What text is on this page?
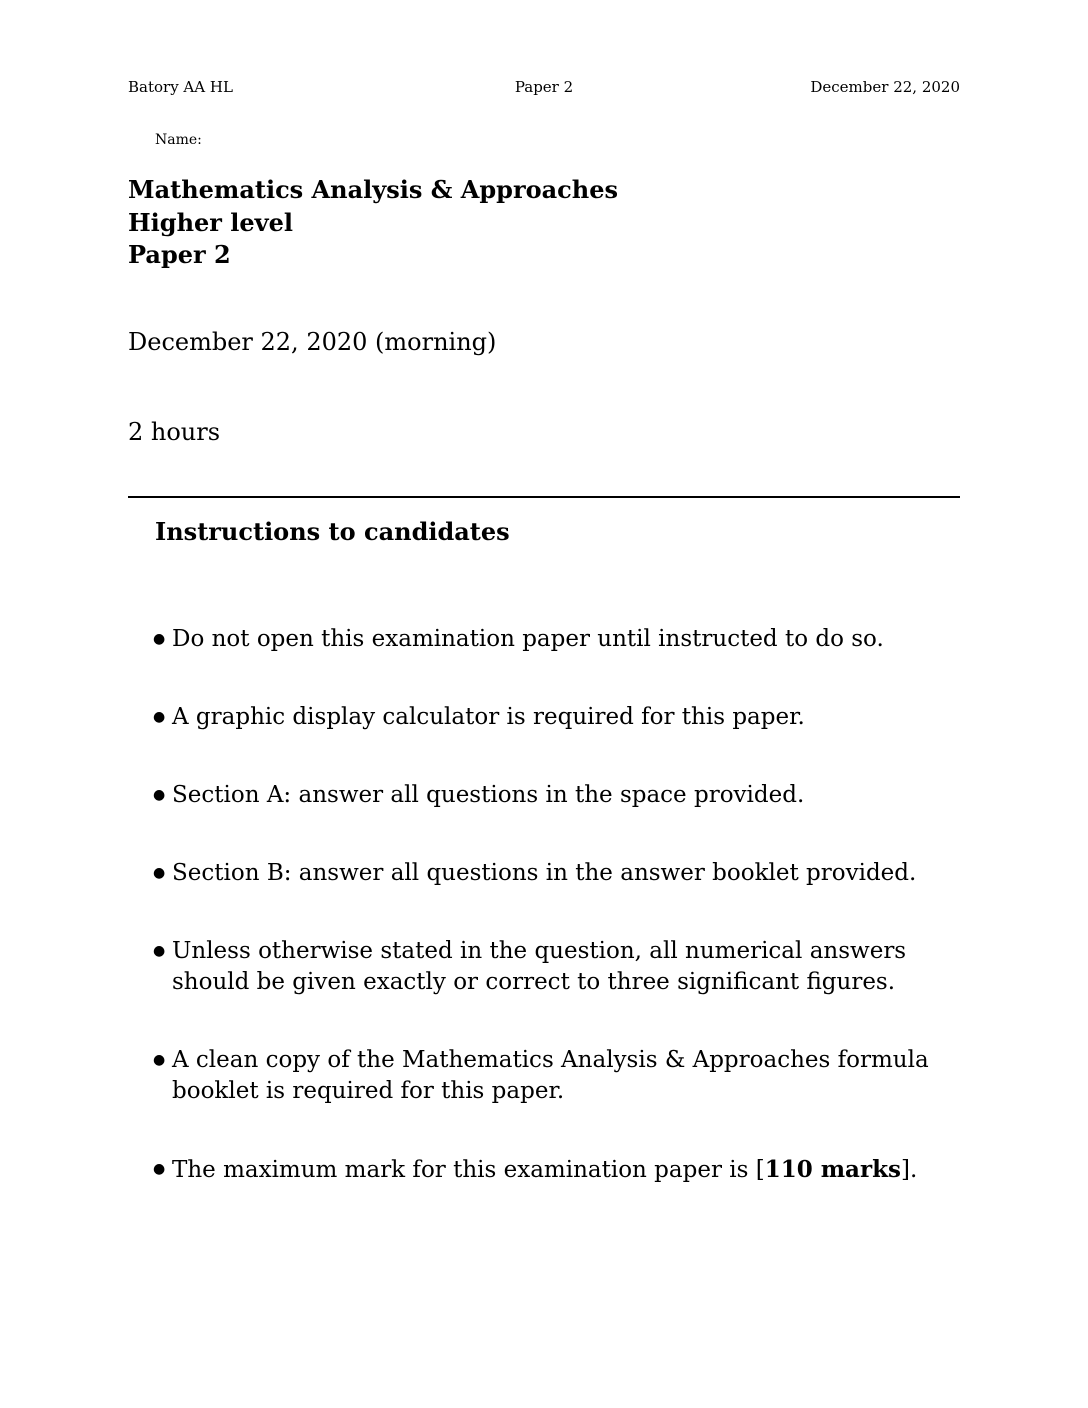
Batory AA HL	Paper 2	December 22, 2020
Name:
Mathematics Analysis & Approaches
Higher level
Paper 2
December 22, 2020 (morning)
2 hours
Instructions to candidates
● Do not open this examination paper until instructed to do so.
● A graphic display calculator is required for this paper.
● Section A: answer all questions in the space provided.
● Section B: answer all questions in the answer booklet provided.
● Unless otherwise stated in the question, all numerical answers should be given exactly or correct to three significant figures.
● A clean copy of the Mathematics Analysis & Approaches formula booklet is required for this paper.
● The maximum mark for this examination paper is [110 marks].
